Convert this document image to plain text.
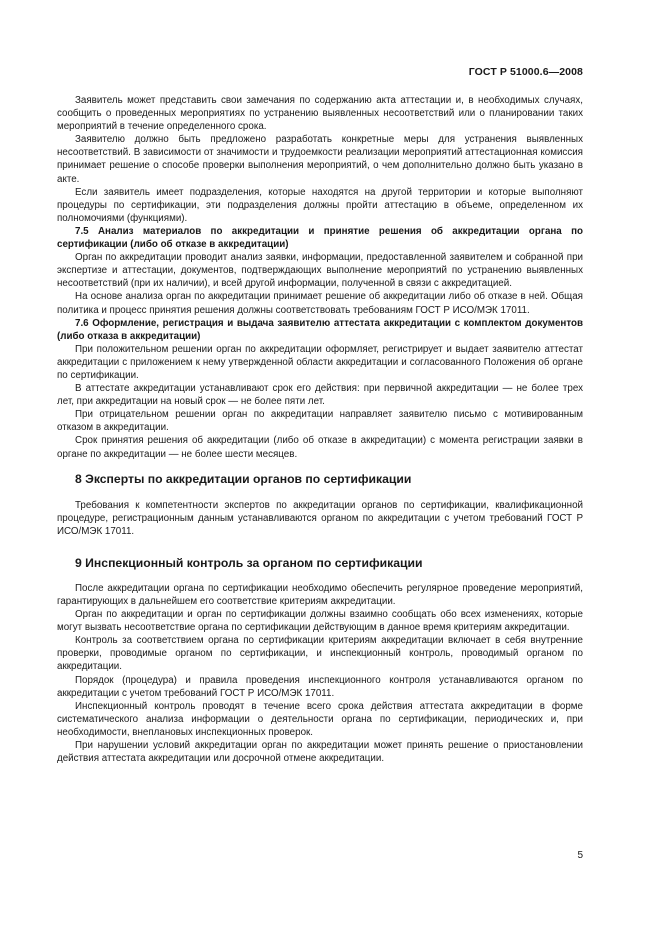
ГОСТ Р 51000.6—2008

Заявитель может представить свои замечания по содержанию акта аттестации и, в необходимых случаях, сообщить о проведенных мероприятиях по устранению выявленных несоответствий или о планировании таких мероприятий в течение определенного срока.

Заявителю должно быть предложено разработать конкретные меры для устранения выявленных несоответствий. В зависимости от значимости и трудоемкости реализации мероприятий аттестационная комиссия принимает решение о способе проверки выполнения мероприятий, о чем дополнительно должно быть указано в акте.

Если заявитель имеет подразделения, которые находятся на другой территории и которые выполняют процедуры по сертификации, эти подразделения должны пройти аттестацию в объеме, определенном их полномочиями (функциями).

7.5 Анализ материалов по аккредитации и принятие решения об аккредитации органа по сертификации (либо об отказе в аккредитации)

Орган по аккредитации проводит анализ заявки, информации, предоставленной заявителем и собранной при экспертизе и аттестации, документов, подтверждающих выполнение мероприятий по устранению выявленных несоответствий (при их наличии), и всей другой информации, полученной в связи с аккредитацией.

На основе анализа орган по аккредитации принимает решение об аккредитации либо об отказе в ней. Общая политика и процесс принятия решения должны соответствовать требованиям ГОСТ Р ИСО/МЭК 17011.

7.6 Оформление, регистрация и выдача заявителю аттестата аккредитации с комплектом документов (либо отказа в аккредитации)

При положительном решении орган по аккредитации оформляет, регистрирует и выдает заявителю аттестат аккредитации с приложением к нему утвержденной области аккредитации и согласованного Положения об органе по сертификации.

В аттестате аккредитации устанавливают срок его действия: при первичной аккредитации — не более трех лет, при аккредитации на новый срок — не более пяти лет.

При отрицательном решении орган по аккредитации направляет заявителю письмо с мотивированным отказом в аккредитации.

Срок принятия решения об аккредитации (либо об отказе в аккредитации) с момента регистрации заявки в органе по аккредитации — не более шести месяцев.

8 Эксперты по аккредитации органов по сертификации

Требования к компетентности экспертов по аккредитации органов по сертификации, квалификационной процедуре, регистрационным данным устанавливаются органом по аккредитации с учетом требований ГОСТ Р ИСО/МЭК 17011.

9 Инспекционный контроль за органом по сертификации

После аккредитации органа по сертификации необходимо обеспечить регулярное проведение мероприятий, гарантирующих в дальнейшем его соответствие критериям аккредитации.

Орган по аккредитации и орган по сертификации должны взаимно сообщать обо всех изменениях, которые могут вызвать несоответствие органа по сертификации действующим в данное время критериям аккредитации.

Контроль за соответствием органа по сертификации критериям аккредитации включает в себя внутренние проверки, проводимые органом по сертификации, и инспекционный контроль, проводимый органом по аккредитации.

Порядок (процедура) и правила проведения инспекционного контроля устанавливаются органом по аккредитации с учетом требований ГОСТ Р ИСО/МЭК 17011.

Инспекционный контроль проводят в течение всего срока действия аттестата аккредитации в форме систематического анализа информации о деятельности органа по сертификации, периодических и, при необходимости, внеплановых инспекционных проверок.

При нарушении условий аккредитации орган по аккредитации может принять решение о приостановлении действия аттестата аккредитации или досрочной отмене аккредитации.

5
